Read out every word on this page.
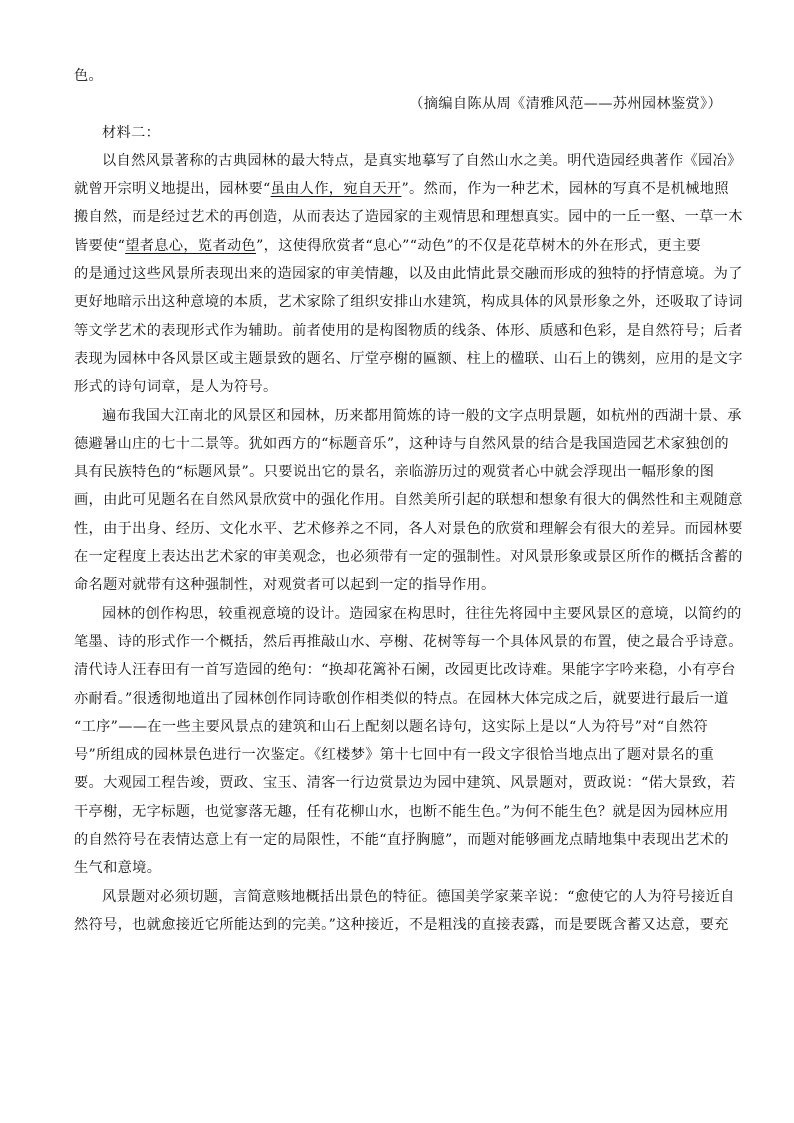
色。

（摘编自陈从周《清雅风范——苏州园林鉴赏》）

材料二：

以自然风景著称的古典园林的最大特点，是真实地摹写了自然山水之美。明代造园经典著作《园冶》

就曾开宗明义地提出，园林要“虽由人作，宛自天开”。然而，作为一种艺术，园林的写真不是机械地照

搬自然，而是经过艺术的再创造，从而表达了造园家的主观情思和理想真实。园中的一丘一壑、一草一木

皆要使“望者息心，览者动色”，这使得欣赏者“息心”“动色”的不仅是花草树木的外在形式，更主要

的是通过这些风景所表现出来的造园家的审美情趣，以及由此情此景交融而形成的独特的抒情意境。为了

更好地暗示出这种意境的本质，艺术家除了组织安排山水建筑，构成具体的风景形象之外，还吸取了诗词

等文学艺术的表现形式作为辅助。前者使用的是构图物质的线条、体形、质感和色彩，是自然符号；后者

表现为园林中各风景区或主题景致的题名、厅堂亭榭的匾额、柱上的楹联、山石上的镌刻，应用的是文字

形式的诗句词章，是人为符号。

遍布我国大江南北的风景区和园林，历来都用简炼的诗一般的文字点明景题，如杭州的西湖十景、承

德避暑山庄的七十二景等。犹如西方的“标题音乐”，这种诗与自然风景的结合是我国造园艺术家独创的

具有民族特色的“标题风景”。只要说出它的景名，亲临游历过的观赏者心中就会浮现出一幅形象的图

画，由此可见题名在自然风景欣赏中的强化作用。自然美所引起的联想和想象有很大的偶然性和主观随意

性，由于出身、经历、文化水平、艺术修养之不同，各人对景色的欣赏和理解会有很大的差异。而园林要

在一定程度上表达出艺术家的审美观念，也必须带有一定的强制性。对风景形象或景区所作的概括含蓄的

命名题对就带有这种强制性，对观赏者可以起到一定的指导作用。

园林的创作构思，较重视意境的设计。造园家在构思时，往往先将园中主要风景区的意境，以简约的

笔墨、诗的形式作一个概括，然后再推敲山水、亭榭、花树等每一个具体风景的布置，使之最合乎诗意。

清代诗人汪春田有一首写造园的绝句：“换却花篱补石阑，改园更比改诗难。果能字字吟来稳，小有亭台

亦耐看。”很透彻地道出了园林创作同诗歌创作相类似的特点。在园林大体完成之后，就要进行最后一道

“工序”——在一些主要风景点的建筑和山石上配刻以题名诗句，这实际上是以“人为符号”对“自然符

号”所组成的园林景色进行一次鉴定。《红楼梦》第十七回中有一段文字很恰当地点出了题对景名的重

要。大观园工程告竣，贾政、宝玉、清客一行边赏景边为园中建筑、风景题对，贾政说：“偌大景致，若

干亭榭，无字标题，也觉寥落无趣，任有花柳山水，也断不能生色。”为何不能生色？就是因为园林应用

的自然符号在表情达意上有一定的局限性，不能“直抒胸臆”，而题对能够画龙点睛地集中表现出艺术的

生气和意境。

风景题对必须切题，言简意赅地概括出景色的特征。德国美学家莱辛说：“愈使它的人为符号接近自

然符号，也就愈接近它所能达到的完美。”这种接近，不是粗浅的直接表露，而是要既含蓄又达意，要充
